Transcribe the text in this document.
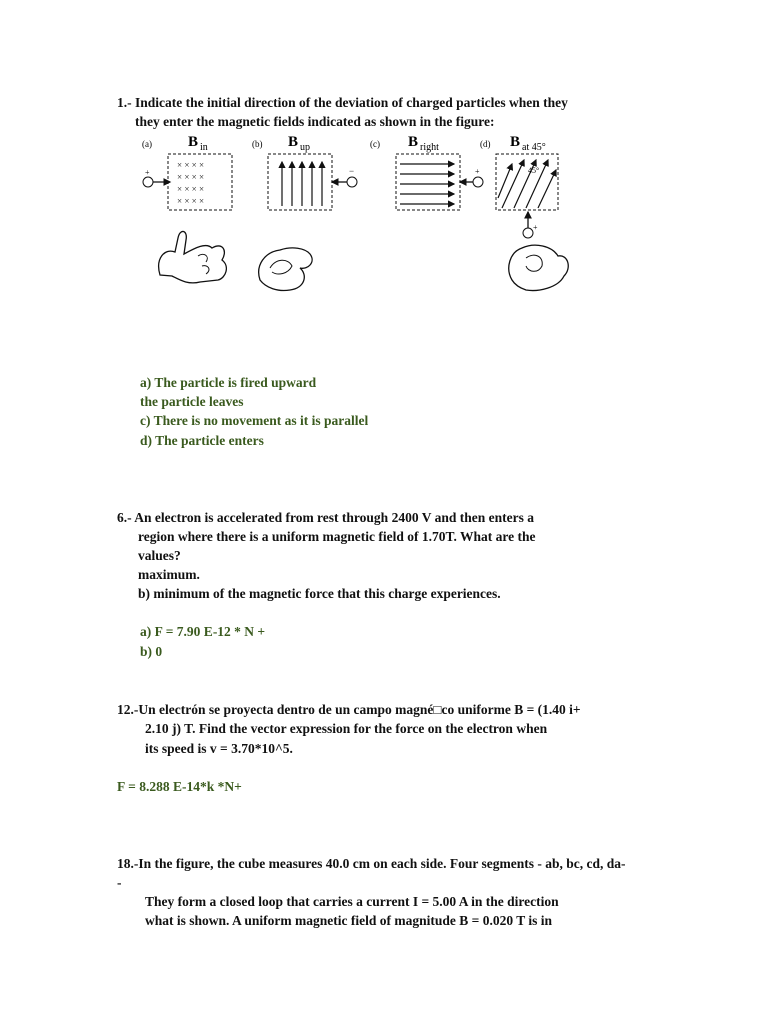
1.- Indicate the initial direction of the deviation of charged particles when they
they enter the magnetic fields indicated as shown in the figure:
(a) B in
× × × ×
× × × ×
× × × ×
× × × ×
+
(b) B up
−
(c) B right
+
(d) B at 45°
45°
+
a) The particle is fired upward
the particle leaves
c) There is no movement as it is parallel
d) The particle enters
6.- An electron is accelerated from rest through 2400 V and then enters a
region where there is a uniform magnetic field of 1.70T. What are the
values?
maximum.
b) minimum of the magnetic force that this charge experiences.
a) F = 7.90 E-12 * N +
b) 0
12.-Un electrón se proyecta dentro de un campo magné□co uniforme B = (1.40 i+
2.10 j) T. Find the vector expression for the force on the electron when
its speed is v = 3.70*10^5.
F = 8.288 E-14*k *N+
18.-In the figure, the cube measures 40.0 cm on each side. Four segments - ab, bc, cd, da-
-
They form a closed loop that carries a current I = 5.00 A in the direction
what is shown. A uniform magnetic field of magnitude B = 0.020 T is in
